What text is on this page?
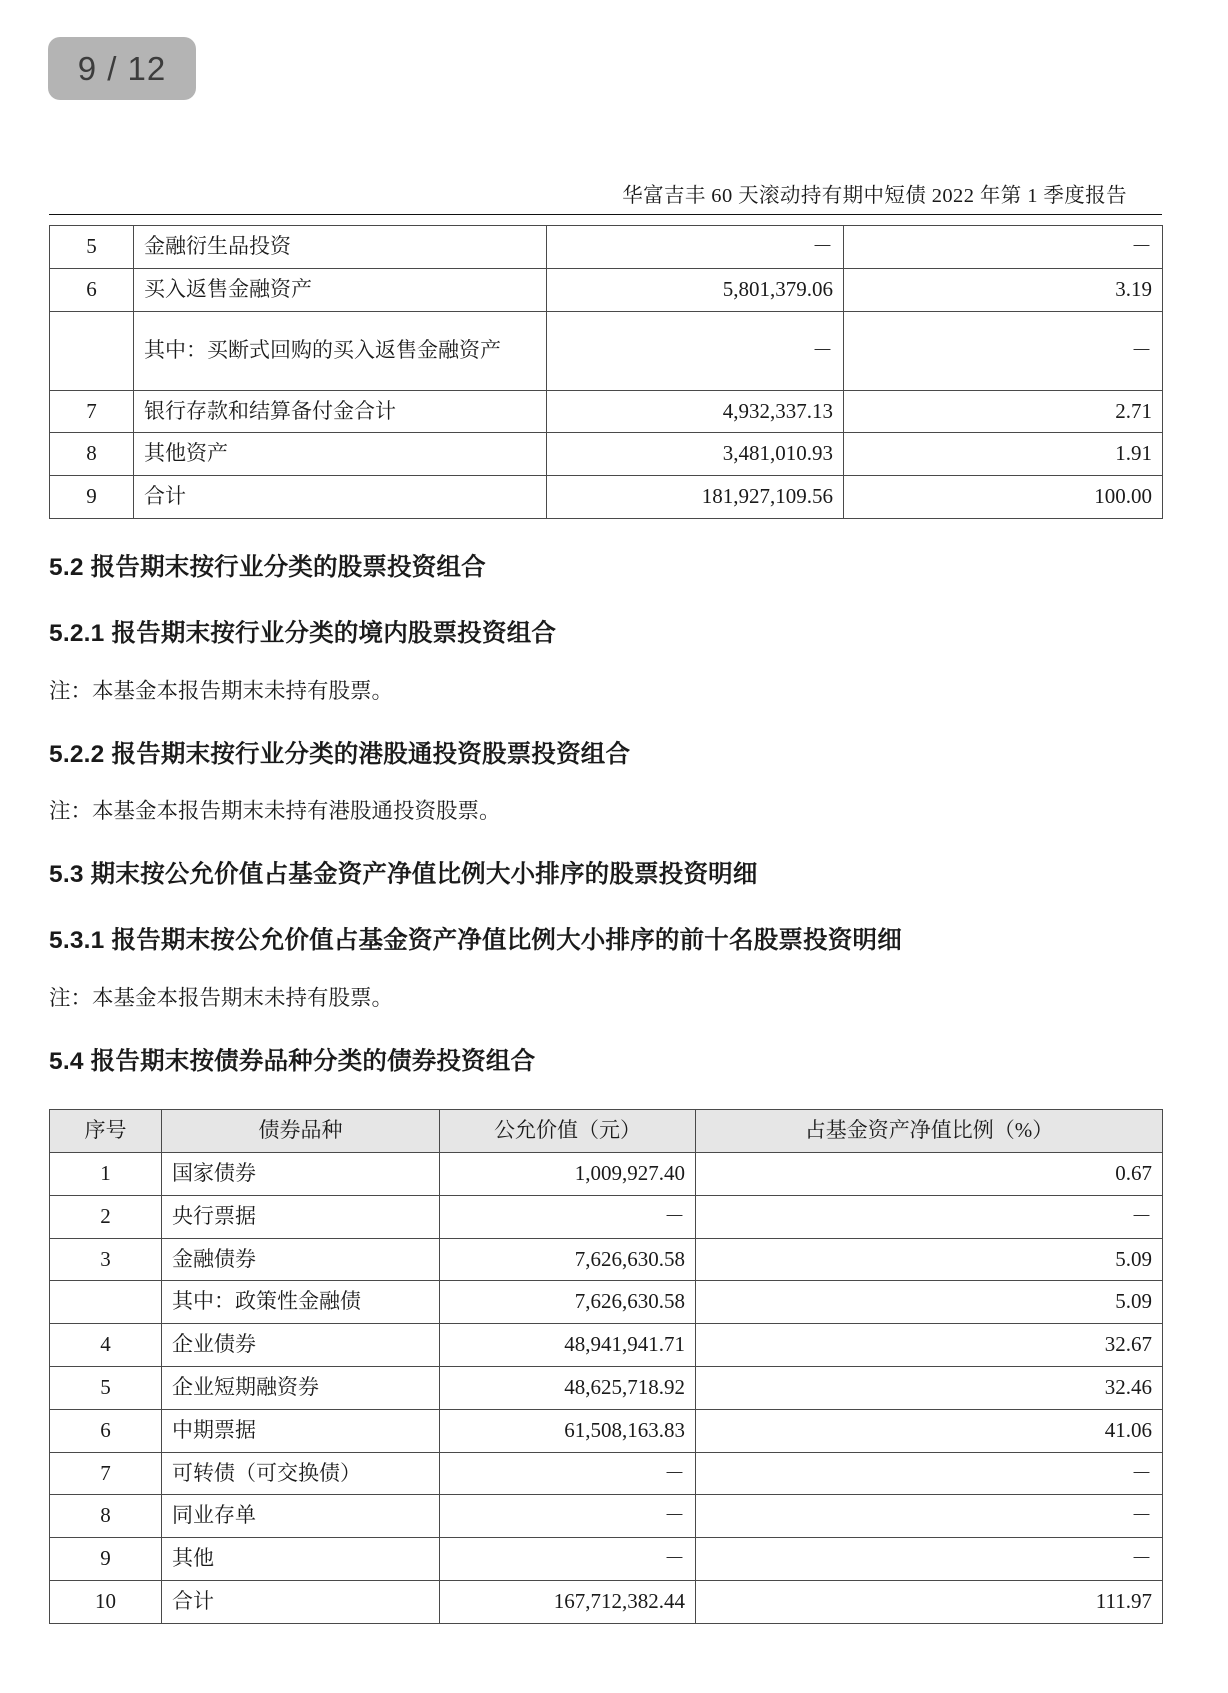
9 / 12
华富吉丰 60 天滚动持有期中短债 2022 年第 1 季度报告
5	金融衍生品投资	－	－
6	买入返售金融资产	5,801,379.06	3.19
	其中：买断式回购的买入返售金融资产	－	－
7	银行存款和结算备付金合计	4,932,337.13	2.71
8	其他资产	3,481,010.93	1.91
9	合计	181,927,109.56	100.00
5.2 报告期末按行业分类的股票投资组合
5.2.1 报告期末按行业分类的境内股票投资组合

注：本基金本报告期末未持有股票。

5.2.2 报告期末按行业分类的港股通投资股票投资组合

注：本基金本报告期末未持有港股通投资股票。

5.3 期末按公允价值占基金资产净值比例大小排序的股票投资明细
5.3.1 报告期末按公允价值占基金资产净值比例大小排序的前十名股票投资明细

注：本基金本报告期末未持有股票。

5.4 报告期末按债券品种分类的债券投资组合
序号	债券品种	公允价值（元）	占基金资产净值比例（%）
1	国家债券	1,009,927.40	0.67
2	央行票据	－	－
3	金融债券	7,626,630.58	5.09
	其中：政策性金融债	7,626,630.58	5.09
4	企业债券	48,941,941.71	32.67
5	企业短期融资券	48,625,718.92	32.46
6	中期票据	61,508,163.83	41.06
7	可转债（可交换债）	－	－
8	同业存单	－	－
9	其他	－	－
10	合计	167,712,382.44	111.97
